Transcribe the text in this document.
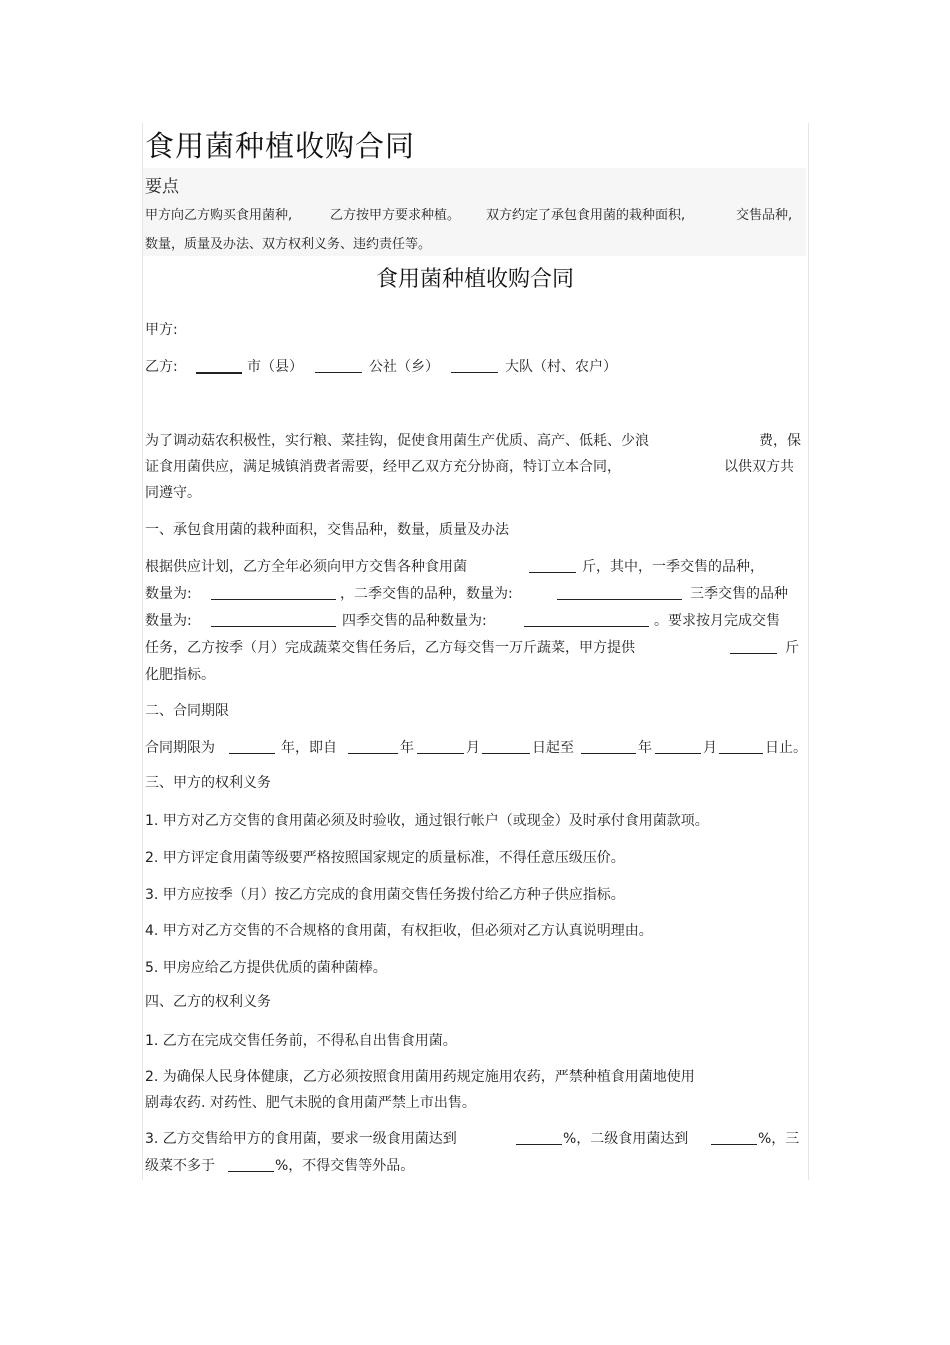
食用菌种植收购合同
要点
甲方向乙方购买食用菌种,	乙方按甲方要求种植。 双方约定了承包食用菌的栽种面积,	交售品种,
数量，质量及办法、双方权利义务、违约责任等。
食用菌种植收购合同
甲方:
乙方:	市（县）	公社（乡）	大队（村、农户）
为了调动菇农积极性，实行粮、菜挂钩，促使食用菌生产优质、高产、低耗、少浪	费，保
证食用菌供应，满足城镇消费者需要，经甲乙双方充分协商，特订立本合同，	以供双方共
同遵守。
一、承包食用菌的栽种面积，交售品种，数量，质量及办法
根据供应计划，乙方全年必须向甲方交售各种食用菌	斤，其中，一季交售的品种，
数量为:	，二季交售的品种，数量为:	三季交售的品种
数量为:	四季交售的品种数量为:	。要求按月完成交售
任务，乙方按季（月）完成蔬菜交售任务后，乙方每交售一万斤蔬菜，甲方提供	斤
化肥指标。
二、合同期限
合同期限为	年，即自	年	月	日起至	年	月	日止。
三、甲方的权利义务
1. 甲方对乙方交售的食用菌必须及时验收，通过银行帐户（或现金）及时承付食用菌款项。
2. 甲方评定食用菌等级要严格按照国家规定的质量标准，不得任意压级压价。
3. 甲方应按季（月）按乙方完成的食用菌交售任务拨付给乙方种子供应指标。
4. 甲方对乙方交售的不合规格的食用菌，有权拒收，但必须对乙方认真说明理由。
5. 甲房应给乙方提供优质的菌种菌棒。
四、乙方的权利义务
1. 乙方在完成交售任务前，不得私自出售食用菌。
2. 为确保人民身体健康，乙方必须按照食用菌用药规定施用农药，严禁种植食用菌地使用
剧毒农药. 对药性、肥气未脱的食用菌严禁上市出售。
3. 乙方交售给甲方的食用菌，要求一级食用菌达到	%，二级食用菌达到	%，三
级菜不多于	%，不得交售等外品。
